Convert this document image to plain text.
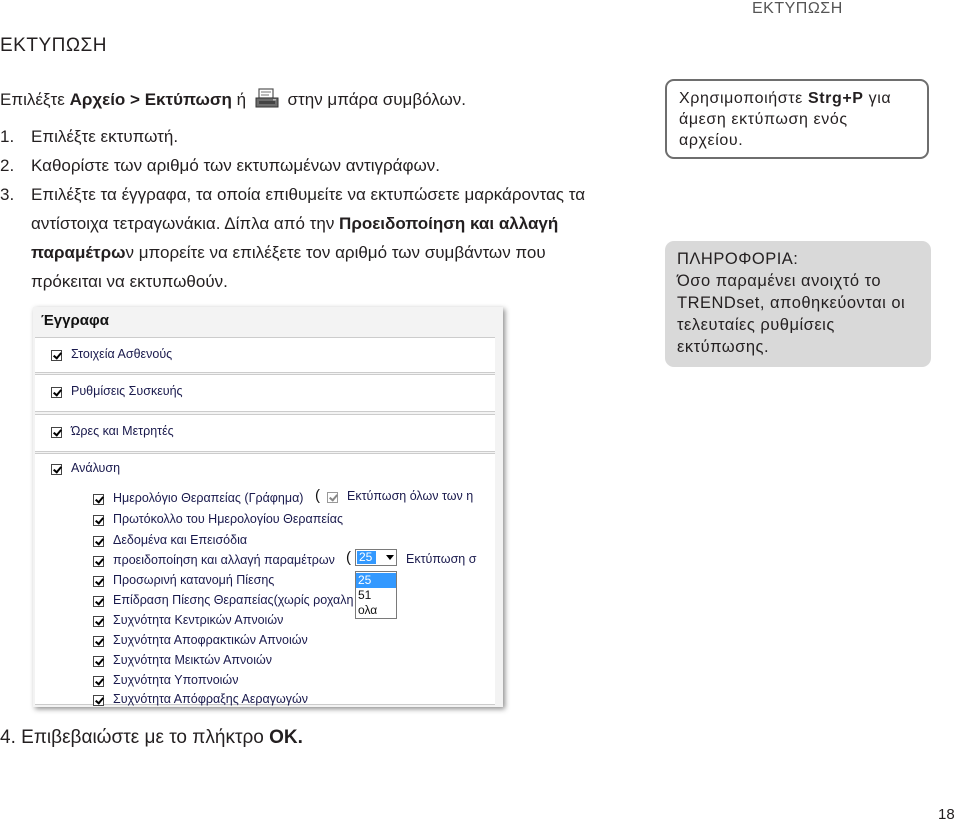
ΕΚΤΥΠΩΣΗ
ΕΚΤΥΠΩΣΗ
Επιλέξτε Αρχείο > Εκτύπωση ή  στην μπάρα συμβόλων.
1. Επιλέξτε εκτυπωτή.
2. Καθορίστε των αριθμό των εκτυπωμένων αντιγράφων.
3. Επιλέξτε τα έγγραφα, τα οποία επιθυμείτε να εκτυπώσετε μαρκάροντας τα αντίστοιχα τετραγωνάκια. Δίπλα από την Προειδοποίηση και αλλαγή παραμέτρων μπορείτε να επιλέξετε τον αριθμό των συμβάντων που πρόκειται να εκτυπωθούν.
Έγγραφα
Στοιχεία Ασθενούς
Ρυθμίσεις Συσκευής
Ώρες και Μετρητές
Ανάλυση
Ημερολόγιο Θεραπείας (Γράφημα)
Πρωτόκολλο του Ημερολογίου Θεραπείας
Δεδομένα και Επεισόδια
προειδοποίηση και αλλαγή παραμέτρων
Προσωρινή κατανομή Πίεσης
Επίδραση Πίεσης Θεραπείας(χωρίς ροχαλη
Συχνότητα Κεντρικών Απνοιών
Συχνότητα Αποφρακτικών Απνοιών
Συχνότητα Μεικτών Απνοιών
Συχνότητα Υποπνοιών
Συχνότητα Απόφραξης Αεραγωγών
( Εκτύπωση όλων των η
( 25	Εκτύπωση σ
25
51
ολα
4. Επιβεβαιώστε με το πλήκτρο OK.
Χρησιμοποιήστε Strg+P για άμεση εκτύπωση ενός αρχείου.
ΠΛΗΡΟΦΟΡΙΑ:
Όσο παραμένει ανοιχτό το TRENDset, αποθηκεύονται οι τελευταίες ρυθμίσεις εκτύπωσης.
18
